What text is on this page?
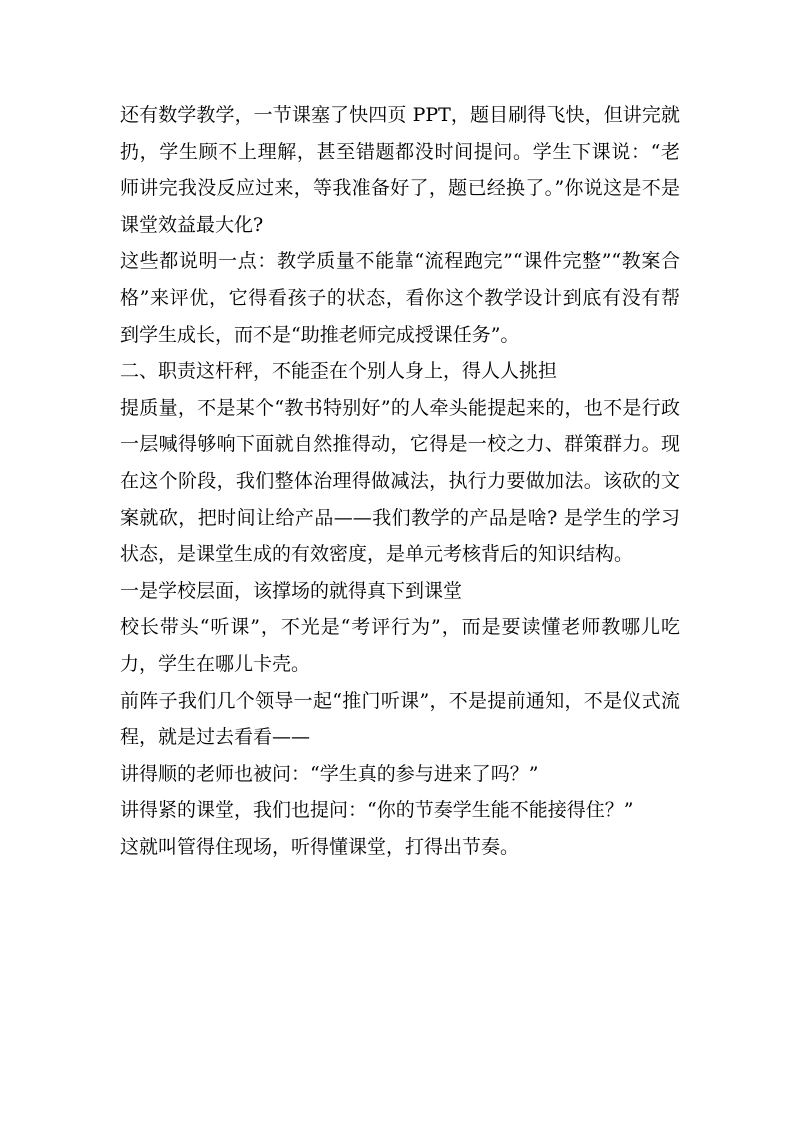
还有数学教学，一节课塞了快四页 PPT，题目刷得飞快，但讲完就扔，学生顾不上理解，甚至错题都没时间提问。学生下课说：“老师讲完我没反应过来，等我准备好了，题已经换了。”你说这是不是课堂效益最大化?

这些都说明一点：教学质量不能靠“流程跑完”“课件完整”“教案合格”来评优，它得看孩子的状态，看你这个教学设计到底有没有帮到学生成长，而不是“助推老师完成授课任务”。

二、职责这杆秤，不能歪在个别人身上，得人人挑担

提质量，不是某个“教书特别好”的人牵头能提起来的，也不是行政一层喊得够响下面就自然推得动，它得是一校之力、群策群力。现在这个阶段，我们整体治理得做减法，执行力要做加法。该砍的文案就砍，把时间让给产品——我们教学的产品是啥? 是学生的学习状态，是课堂生成的有效密度，是单元考核背后的知识结构。

一是学校层面，该撑场的就得真下到课堂

校长带头“听课”，不光是“考评行为”，而是要读懂老师教哪儿吃力，学生在哪儿卡壳。

前阵子我们几个领导一起“推门听课”，不是提前通知，不是仪式流程，就是过去看看——

讲得顺的老师也被问：“学生真的参与进来了吗？”

讲得紧的课堂，我们也提问：“你的节奏学生能不能接得住？”

这就叫管得住现场，听得懂课堂，打得出节奏。
